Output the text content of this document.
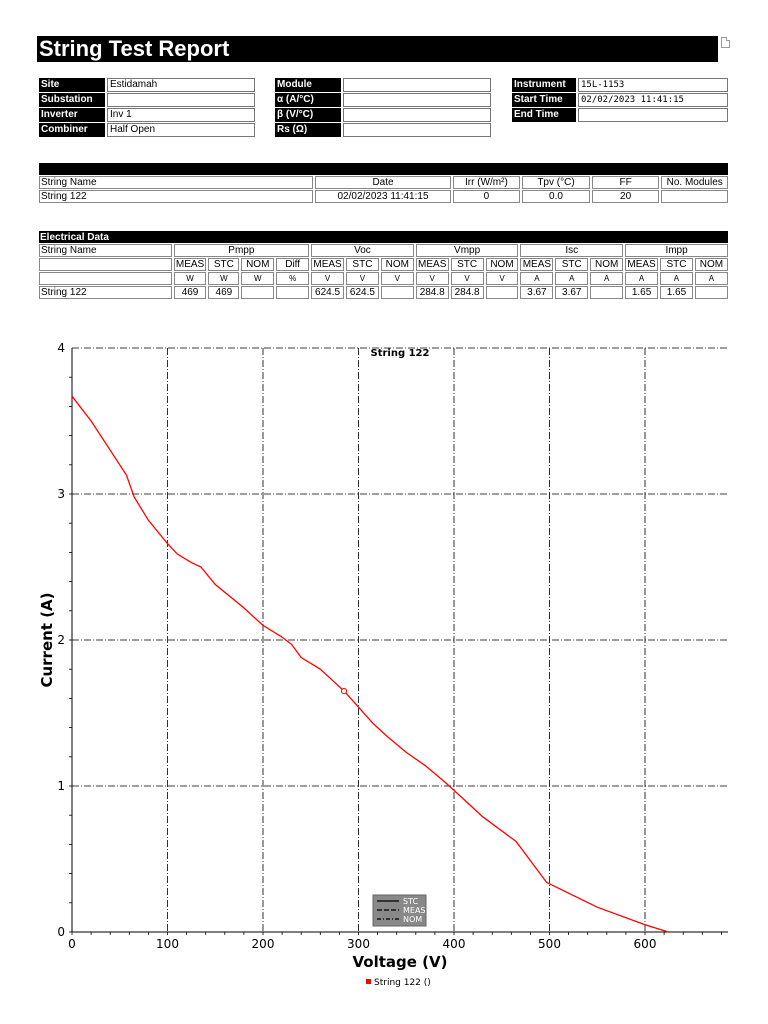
String Test Report
Site	Estidamah
Substation	
Inverter	Inv 1
Combiner	Half Open
Module	
α (A/°C)	
β (V/°C)	
Rs (Ω)	
Instrument	15L-1153
Start Time	02/02/2023 11:41:15
End Time	

String Name	Date	Irr (W/m²)	Tpv (°C)	FF	No. Modules
String 122	02/02/2023 11:41:15	0	0.0	20	
Electrical Data																
String Name	Pmpp				Voc			Vmpp			Isc			Impp		
	MEAS	STC	NOM	Diff	MEAS	STC	NOM	MEAS	STC	NOM	MEAS	STC	NOM	MEAS	STC	NOM
	W	W	W	%	V	V	V	V	V	V	A	A	A	A	A	A
String 122	469	469			624.5	624.5		284.8	284.8		3.67	3.67		1.65	1.65	
String 122
Voltage (V)
Current (A)
0	100	200	300	400	500	600
0
1
2
3
4
STC
MEAS
NOM
String 122 ()
